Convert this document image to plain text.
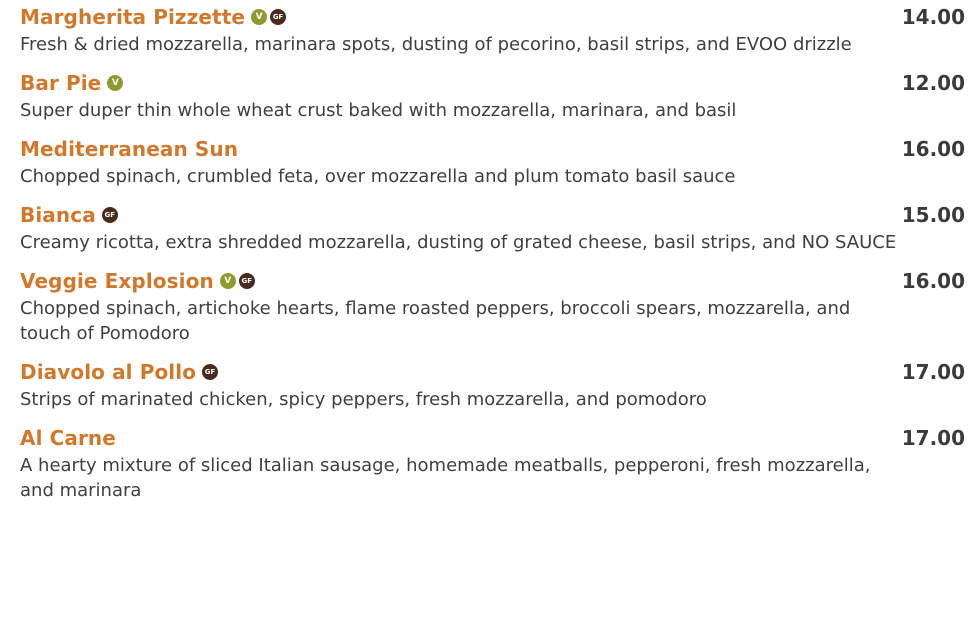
Margherita Pizzette	V	GF	14.00
Fresh & dried mozzarella, marinara spots, dusting of pecorino, basil strips, and EVOO drizzle
Bar Pie	V	12.00
Super duper thin whole wheat crust baked with mozzarella, marinara, and basil
Mediterranean Sun	16.00
Chopped spinach, crumbled feta, over mozzarella and plum tomato basil sauce
Bianca	GF	15.00
Creamy ricotta, extra shredded mozzarella, dusting of grated cheese, basil strips, and NO SAUCE
Veggie Explosion	V	GF	16.00
Chopped spinach, artichoke hearts, flame roasted peppers, broccoli spears, mozzarella, and touch of Pomodoro
Diavolo al Pollo	GF	17.00
Strips of marinated chicken, spicy peppers, fresh mozzarella, and pomodoro
Al Carne	17.00
A hearty mixture of sliced Italian sausage, homemade meatballs, pepperoni, fresh mozzarella, and marinara
